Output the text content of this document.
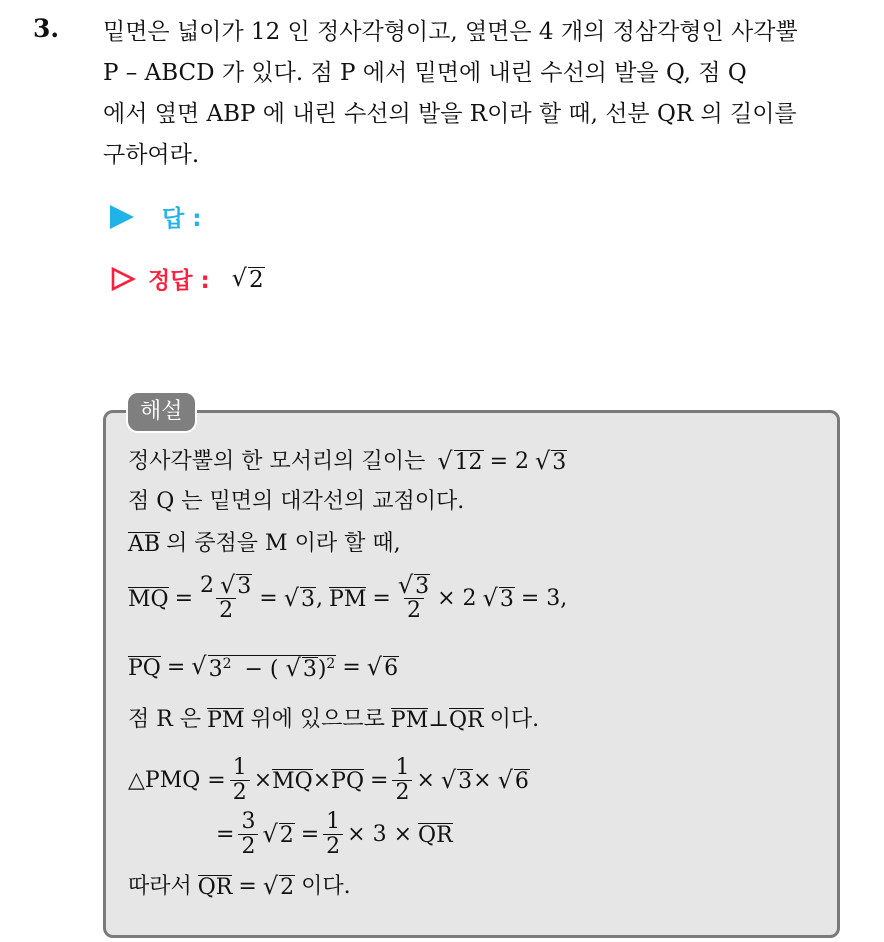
3. 밑면은 넓이가 12 인 정사각형이고, 옆면은 4 개의 정삼각형인 사각뿔
P – ABCD 가 있다. 점 P 에서 밑면에 내린 수선의 발을 Q, 점 Q
에서 옆면 ABP 에 내린 수선의 발을 R이라 할 때, 선분 QR 의 길이를
구하여라.
답 :
정답 : √ 2
해설
정사각뿔의 한 모서리의 길이는 √ 12 = 2 √ 3
점 Q 는 밑면의 대각선의 교점이다.
AB 의 중점을 M 이라 할 때,
MQ = $\frac{2 √ 3}{2}$ = √ 3 , PM = $\frac{√ 3}{2} \times 2$ √ 3 = 3,
PQ = √ $3^2$ − ( √ 3 )$^2$ = √ 6
점 R 은 PM 위에 있으므로 PM ⊥ QR 이다.
△PMQ = $\frac{1}{2}$ × MQ × PQ = $\frac{1}{2}$ × √ 3 × √ 6
= $\frac{3}{2}$ √ $2 = \frac{1}{2} \times 3$ × QR
따라서 QR = √ 2 이다.
